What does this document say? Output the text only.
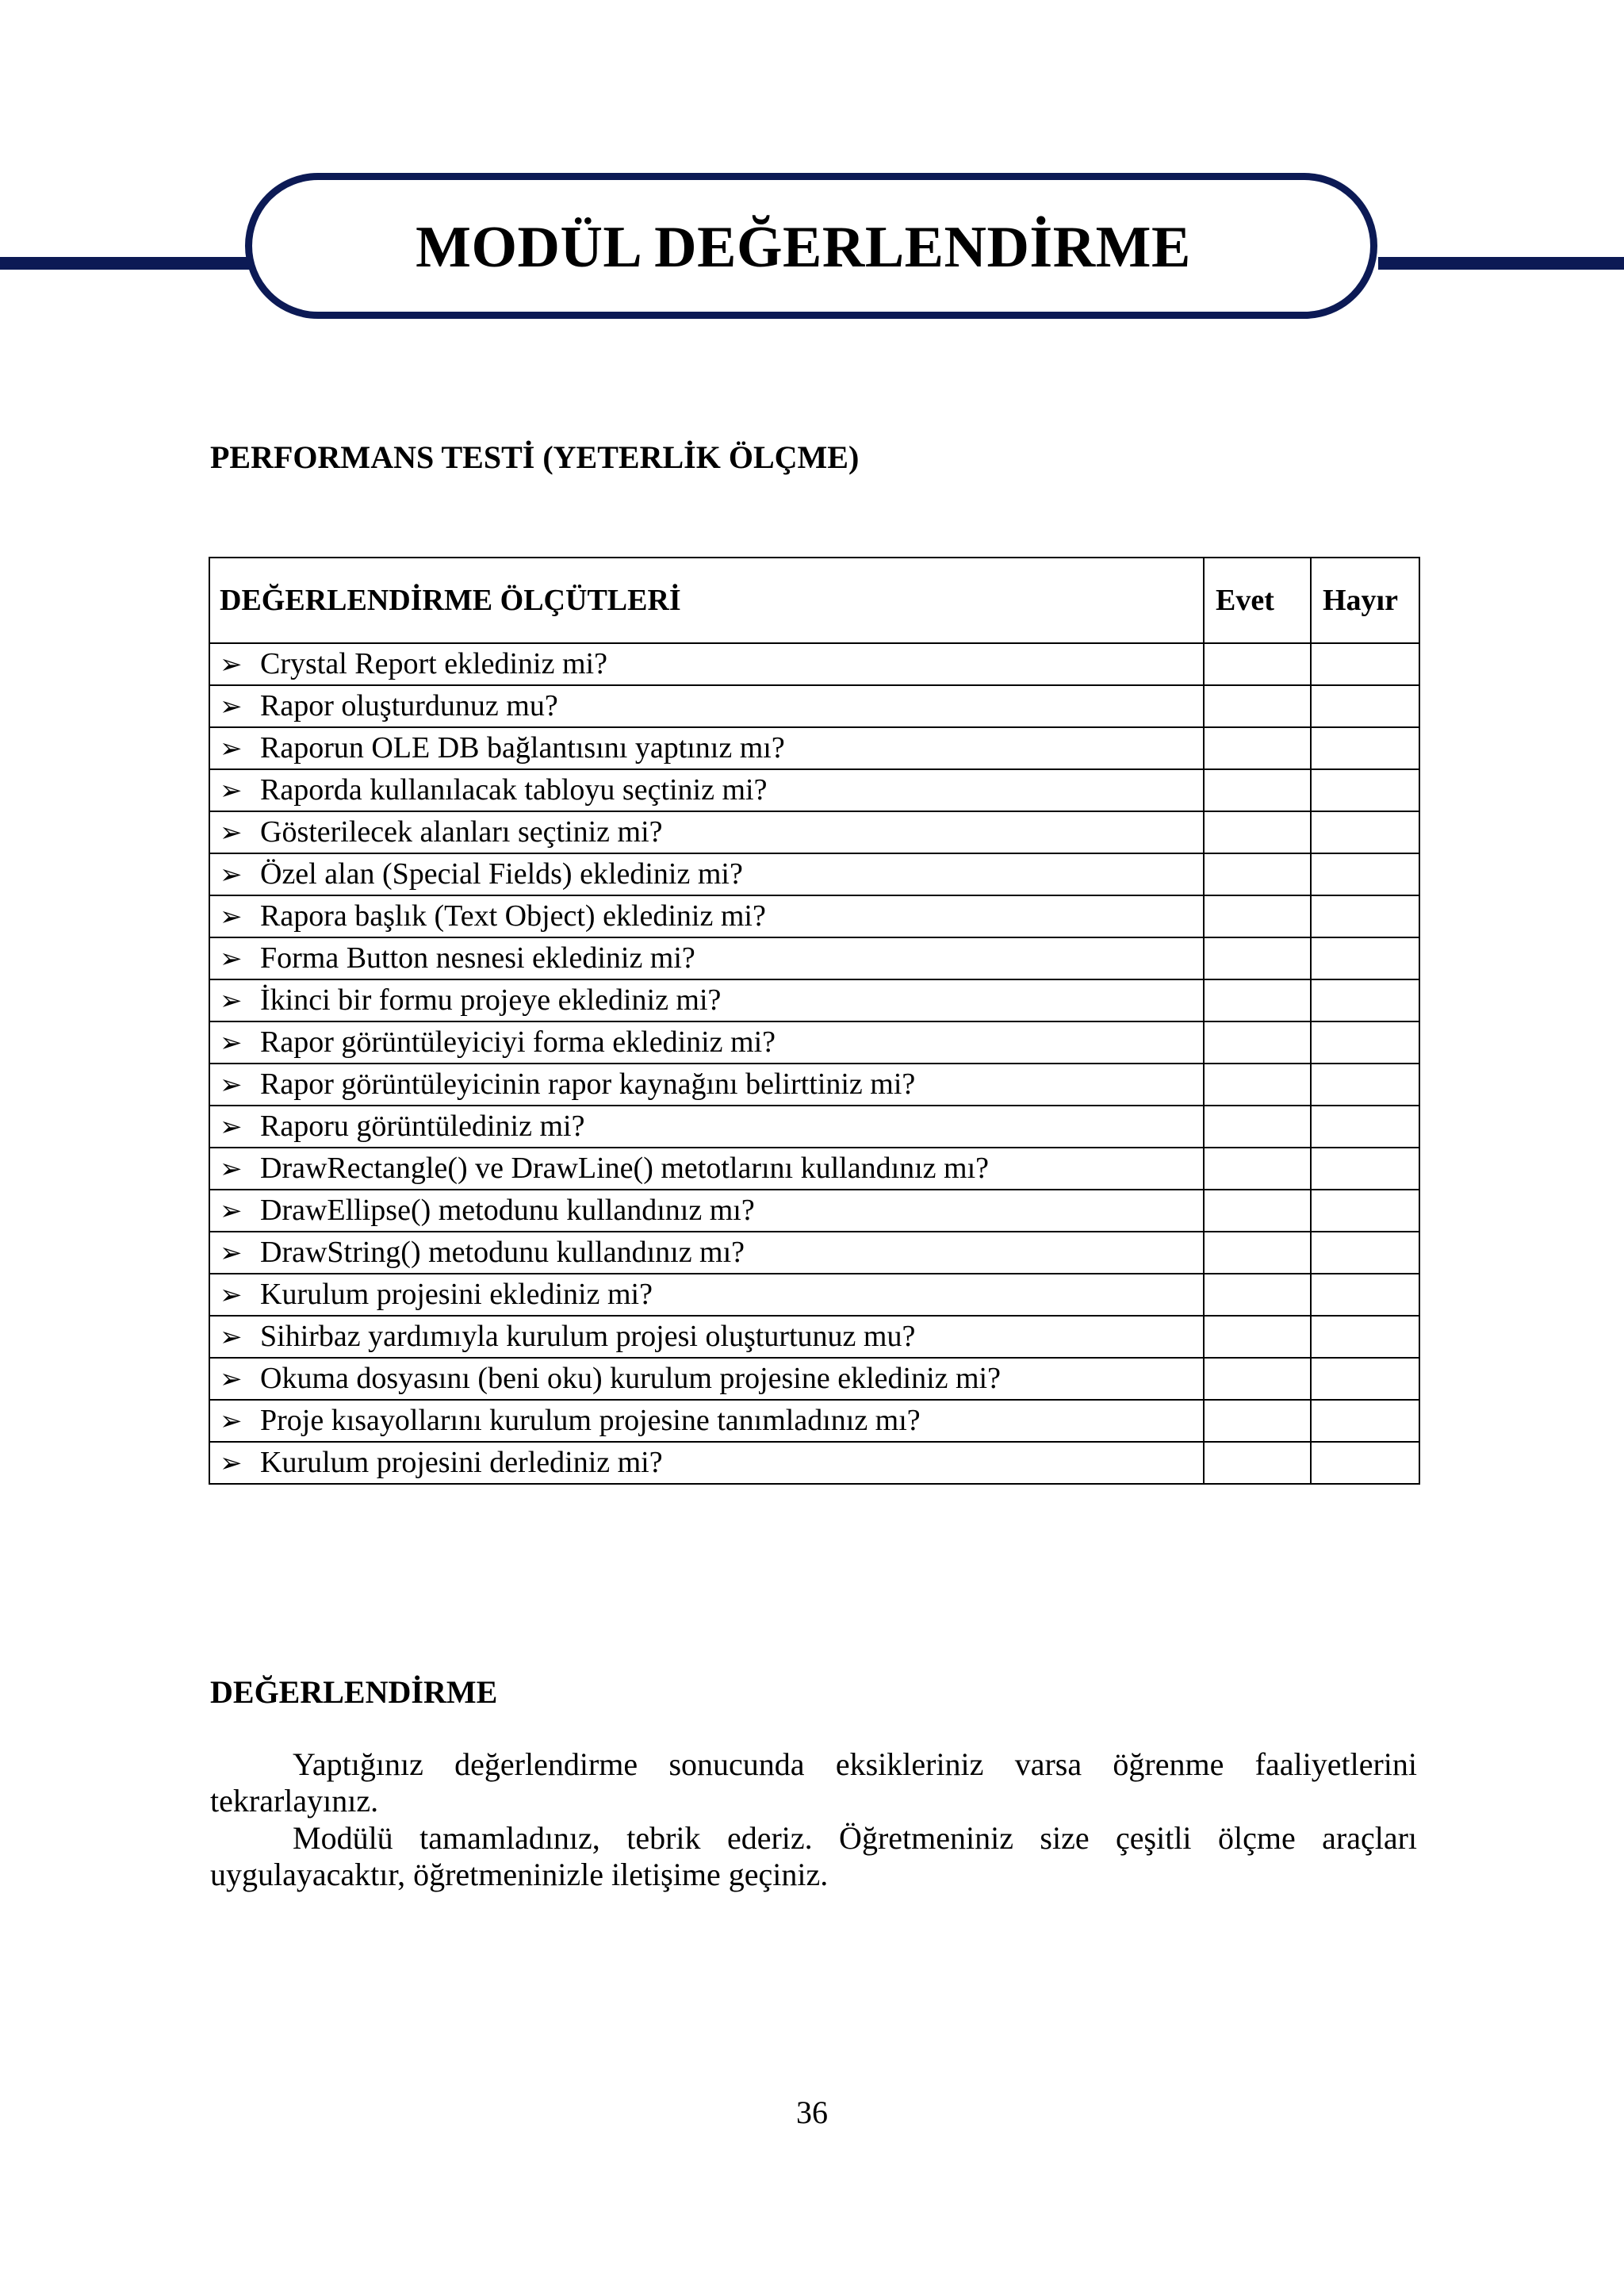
MODÜL DEĞERLENDİRME
PERFORMANS TESTİ (YETERLİK ÖLÇME)
DEĞERLENDİRME ÖLÇÜTLERİ	Evet	Hayır
➢ Crystal Report eklediniz mi?		
➢ Rapor oluşturdunuz mu?		
➢ Raporun OLE DB bağlantısını yaptınız mı?		
➢ Raporda kullanılacak tabloyu seçtiniz mi?		
➢ Gösterilecek alanları seçtiniz mi?		
➢ Özel alan (Special Fields) eklediniz mi?		
➢ Rapora başlık (Text Object) eklediniz mi?		
➢ Forma Button nesnesi eklediniz mi?		
➢ İkinci bir formu projeye eklediniz mi?		
➢ Rapor görüntüleyiciyi forma eklediniz mi?		
➢ Rapor görüntüleyicinin rapor kaynağını belirttiniz mi?		
➢ Raporu görüntülediniz mi?		
➢ DrawRectangle() ve DrawLine() metotlarını kullandınız mı?		
➢ DrawEllipse() metodunu kullandınız mı?		
➢ DrawString() metodunu kullandınız mı?		
➢ Kurulum projesini eklediniz mi?		
➢ Sihirbaz yardımıyla kurulum projesi oluşturtunuz mu?		
➢ Okuma dosyasını (beni oku) kurulum projesine eklediniz mi?		
➢ Proje kısayollarını kurulum projesine tanımladınız mı?		
➢ Kurulum projesini derlediniz mi?		
DEĞERLENDİRME
Yaptığınız değerlendirme sonucunda eksikleriniz varsa öğrenme faaliyetlerini tekrarlayınız.
Modülü tamamladınız, tebrik ederiz. Öğretmeniniz size çeşitli ölçme araçları uygulayacaktır, öğretmeninizle iletişime geçiniz.
36
